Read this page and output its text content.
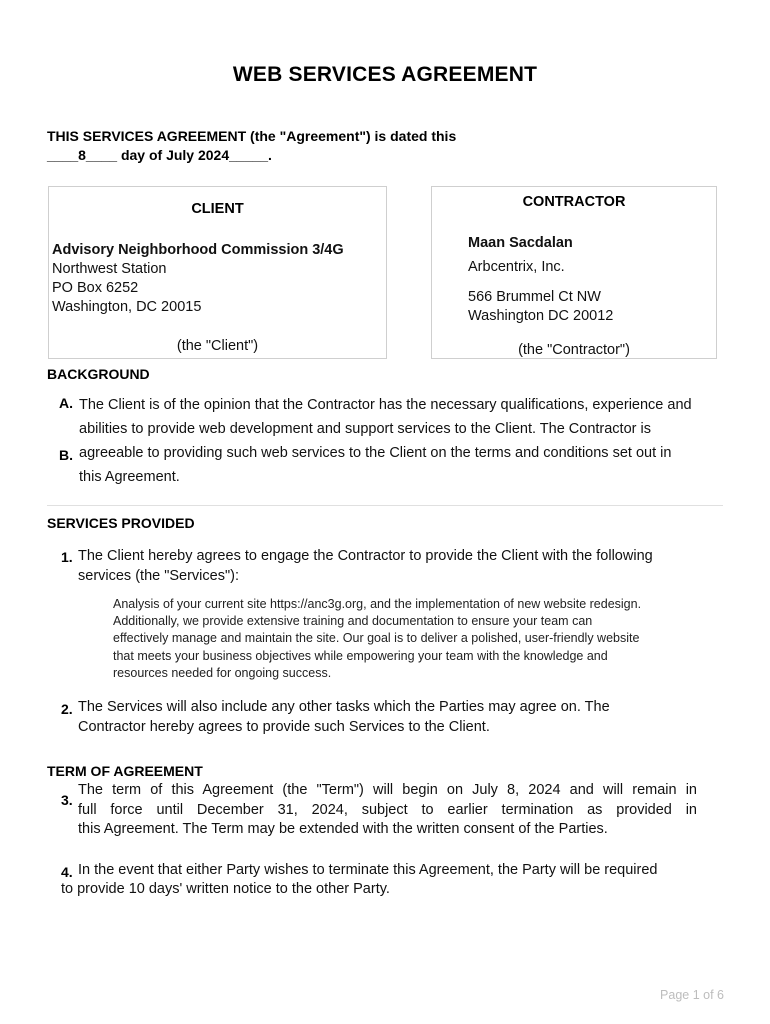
WEB SERVICES AGREEMENT
THIS SERVICES AGREEMENT (the "Agreement") is dated this
____8____ day of July 2024_____.
CLIENT
Advisory Neighborhood Commission 3/4G
Northwest Station
PO Box 6252
Washington, DC 20015
(the "Client")
CONTRACTOR
Maan Sacdalan
Arbcentrix, Inc.
566 Brummel Ct NW
Washington DC 20012
(the "Contractor")
BACKGROUND
A.
B.
The Client is of the opinion that the Contractor has the necessary qualifications, experience and
abilities to provide web development and support services to the Client. The Contractor is
agreeable to providing such web services to the Client on the terms and conditions set out in
this Agreement.
SERVICES PROVIDED
1. The Client hereby agrees to engage the Contractor to provide the Client with the following
services (the "Services"):
Analysis of your current site https://anc3g.org, and the implementation of new website redesign.
Additionally, we provide extensive training and documentation to ensure your team can
effectively manage and maintain the site. Our goal is to deliver a polished, user-friendly website
that meets your business objectives while empowering your team with the knowledge and
resources needed for ongoing success.
2. The Services will also include any other tasks which the Parties may agree on. The
Contractor hereby agrees to provide such Services to the Client.
TERM OF AGREEMENT
3.
The term of this Agreement (the "Term") will begin on July 8, 2024 and will remain in
full force until December 31, 2024, subject to earlier termination as provided in
this Agreement. The Term may be extended with the written consent of the Parties.
4. In the event that either Party wishes to terminate this Agreement, the Party will be required
to provide 10 days' written notice to the other Party.
Page 1 of 6
